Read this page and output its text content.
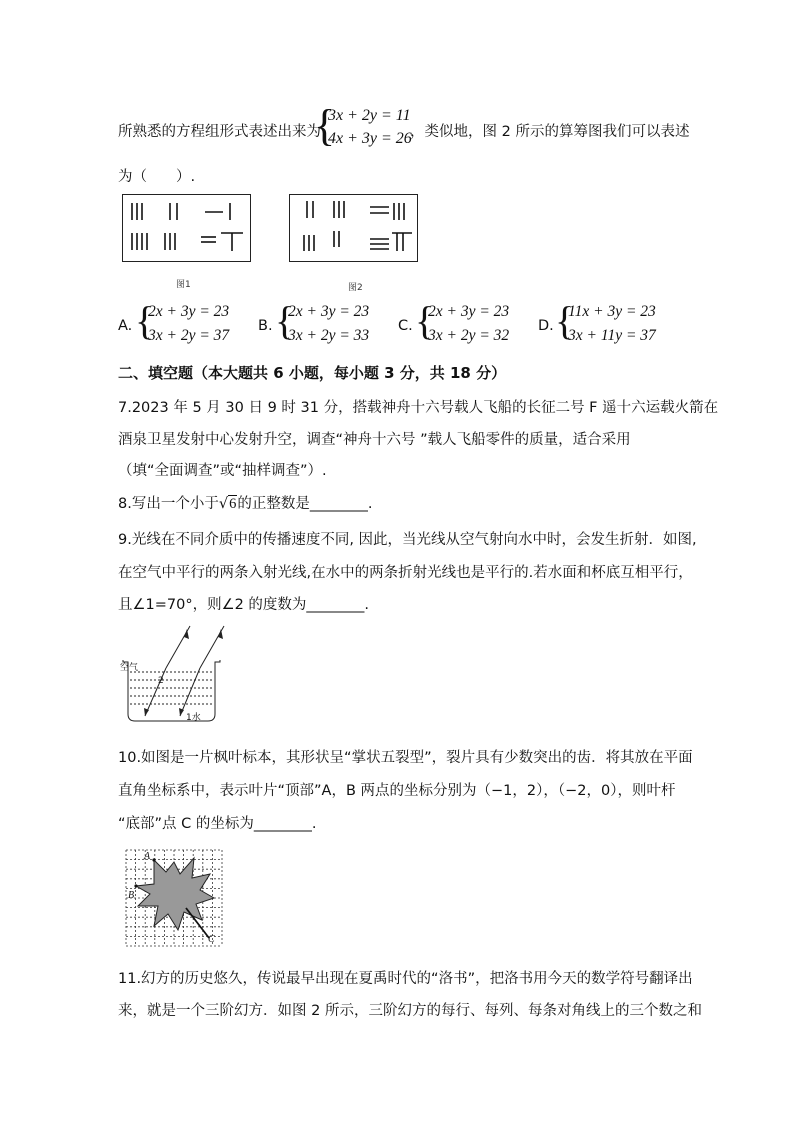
所熟悉的方程组形式表述出来为
{
3x + 2y = 11
4x + 3y = 26
，类似地，图 2 所示的算筹图我们可以表述
为（　　）.
图1	图2
A. {
2x + 3y = 23
3x + 2y = 37
B. {
2x + 3y = 23
3x + 2y = 33
C. {
2x + 3y = 23
3x + 2y = 32
D. {
11x + 3y = 23
3x + 11y = 37
二、填空题（本大题共 6 小题，每小题 3 分，共 18 分）
7.2023 年 5 月 30 日 9 时 31 分，搭载神舟十六号载人飞船的长征二号 F 遥十六运载火箭在
酒泉卫星发射中心发射升空，调查“神舟十六号 ”载人飞船零件的质量，适合采用
（填“全面调查”或“抽样调查”）.
8.写出一个小于√6的正整数是________.
9.光线在不同介质中的传播速度不同, 因此，当光线从空气射向水中时，会发生折射．如图,
在空气中平行的两条入射光线,在水中的两条折射光线也是平行的.若水面和杯底互相平行，
且∠1=70°，则∠2 的度数为________.
空气
2
1水
10.如图是一片枫叶标本，其形状呈“掌状五裂型”，裂片具有少数突出的齿．将其放在平面
直角坐标系中，表示叶片“顶部”A，B 两点的坐标分别为（−1，2），（−2，0），则叶杆
“底部”点 C 的坐标为________.
A
B
C
11.幻方的历史悠久，传说最早出现在夏禹时代的“洛书”，把洛书用今天的数学符号翻译出
来，就是一个三阶幻方．如图 2 所示，三阶幻方的每行、每列、每条对角线上的三个数之和
